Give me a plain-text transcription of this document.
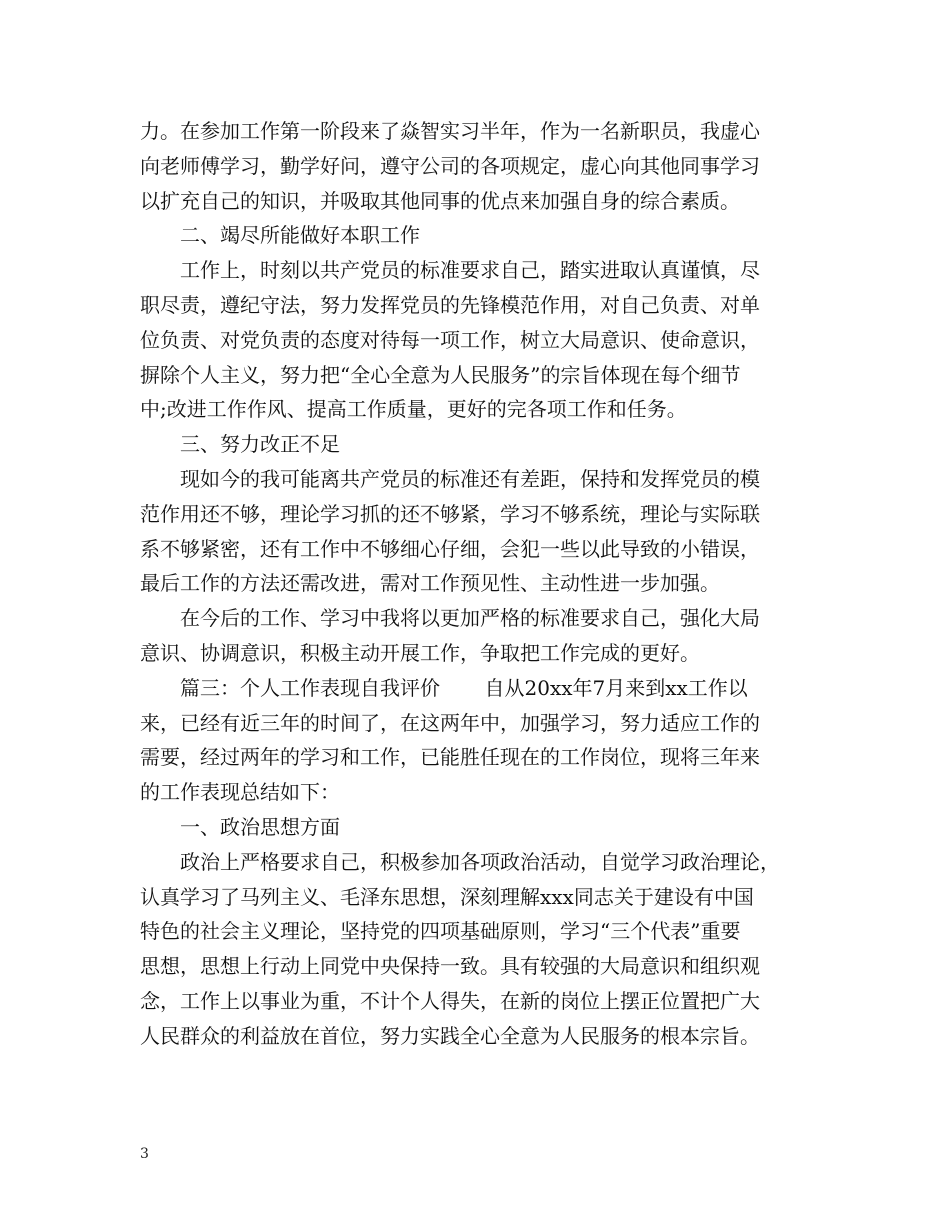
力。在参加工作第一阶段来了焱智实习半年，作为一名新职员，我虚心
向老师傅学习，勤学好问，遵守公司的各项规定，虚心向其他同事学习
以扩充自己的知识，并吸取其他同事的优点来加强自身的综合素质。
二、竭尽所能做好本职工作
工作上，时刻以共产党员的标准要求自己，踏实进取认真谨慎，尽
职尽责，遵纪守法，努力发挥党员的先锋模范作用，对自己负责、对单
位负责、对党负责的态度对待每一项工作，树立大局意识、使命意识，
摒除个人主义，努力把“全心全意为人民服务”的宗旨体现在每个细节
中;改进工作作风、提高工作质量，更好的完各项工作和任务。
三、努力改正不足
现如今的我可能离共产党员的标准还有差距，保持和发挥党员的模
范作用还不够，理论学习抓的还不够紧，学习不够系统，理论与实际联
系不够紧密，还有工作中不够细心仔细，会犯一些以此导致的小错误，
最后工作的方法还需改进，需对工作预见性、主动性进一步加强。
在今后的工作、学习中我将以更加严格的标准要求自己，强化大局
意识、协调意识，积极主动开展工作，争取把工作完成的更好。
篇三：个人工作表现自我评价       自从20xx年7月来到xx工作以
来，已经有近三年的时间了，在这两年中，加强学习，努力适应工作的
需要，经过两年的学习和工作，已能胜任现在的工作岗位，现将三年来
的工作表现总结如下：
一、政治思想方面
政治上严格要求自己，积极参加各项政治活动，自觉学习政治理论，
认真学习了马列主义、毛泽东思想，深刻理解xxx同志关于建设有中国
特色的社会主义理论，坚持党的四项基础原则，学习“三个代表”重要
思想，思想上行动上同党中央保持一致。具有较强的大局意识和组织观
念，工作上以事业为重，不计个人得失，在新的岗位上摆正位置把广大
人民群众的利益放在首位，努力实践全心全意为人民服务的根本宗旨。
3
